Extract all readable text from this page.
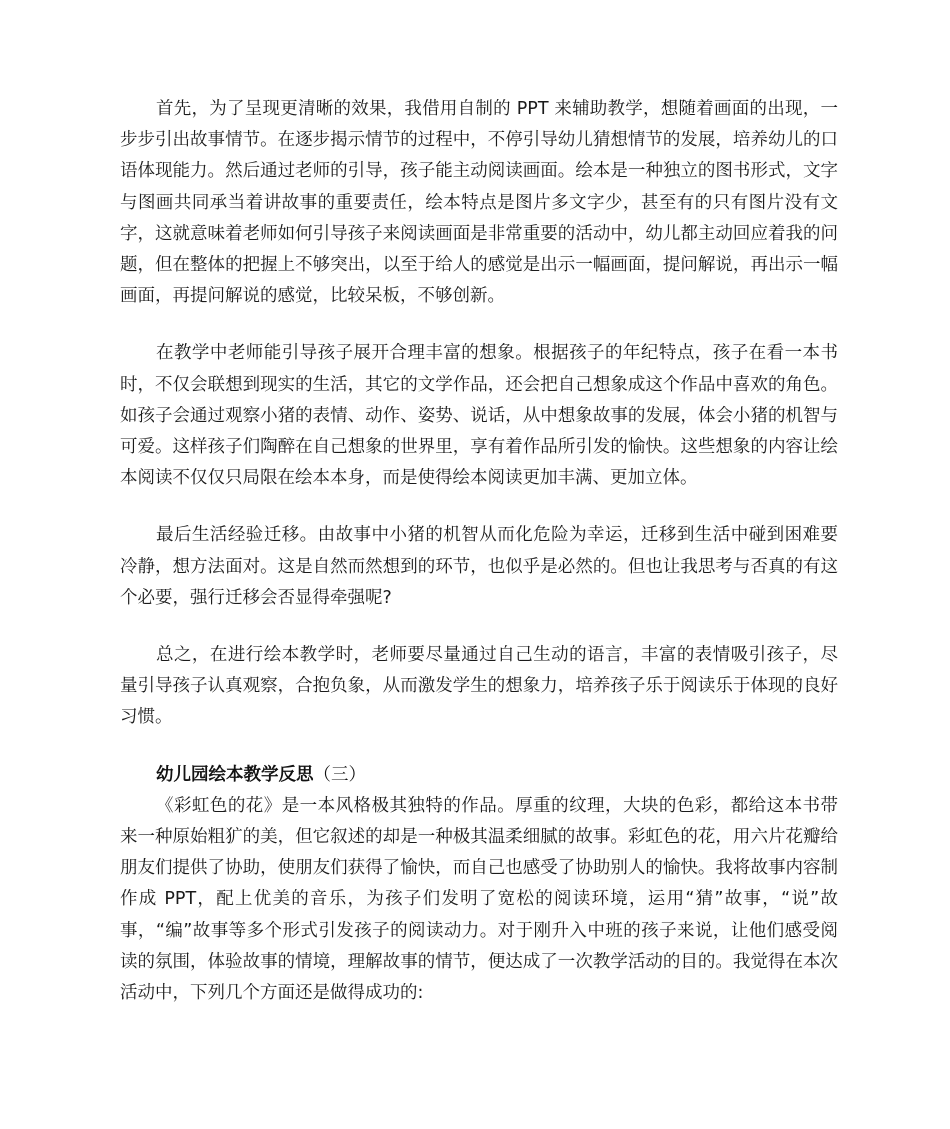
首先，为了呈现更清晰的效果，我借用自制的 PPT 来辅助教学，想随着画面的出现，一步步引出故事情节。在逐步揭示情节的过程中，不停引导幼儿猜想情节的发展，培养幼儿的口语体现能力。然后通过老师的引导，孩子能主动阅读画面。绘本是一种独立的图书形式，文字与图画共同承当着讲故事的重要责任，绘本特点是图片多文字少，甚至有的只有图片没有文字，这就意味着老师如何引导孩子来阅读画面是非常重要的活动中，幼儿都主动回应着我的问题，但在整体的把握上不够突出，以至于给人的感觉是出示一幅画面，提问解说，再出示一幅画面，再提问解说的感觉，比较呆板，不够创新。

在教学中老师能引导孩子展开合理丰富的想象。根据孩子的年纪特点，孩子在看一本书时，不仅会联想到现实的生活，其它的文学作品，还会把自己想象成这个作品中喜欢的角色。如孩子会通过观察小猪的表情、动作、姿势、说话，从中想象故事的发展，体会小猪的机智与可爱。这样孩子们陶醉在自己想象的世界里，享有着作品所引发的愉快。这些想象的内容让绘本阅读不仅仅只局限在绘本本身，而是使得绘本阅读更加丰满、更加立体。

最后生活经验迁移。由故事中小猪的机智从而化危险为幸运，迁移到生活中碰到困难要冷静，想方法面对。这是自然而然想到的环节，也似乎是必然的。但也让我思考与否真的有这个必要，强行迁移会否显得牵强呢?

总之，在进行绘本教学时，老师要尽量通过自己生动的语言，丰富的表情吸引孩子，尽量引导孩子认真观察，合抱负象，从而激发学生的想象力，培养孩子乐于阅读乐于体现的良好习惯。

幼儿园绘本教学反思（三）

《彩虹色的花》是一本风格极其独特的作品。厚重的纹理，大块的色彩，都给这本书带来一种原始粗犷的美，但它叙述的却是一种极其温柔细腻的故事。彩虹色的花，用六片花瓣给朋友们提供了协助，使朋友们获得了愉快，而自己也感受了协助别人的愉快。我将故事内容制作成 PPT，配上优美的音乐，为孩子们发明了宽松的阅读环境，运用“猜”故事，“说”故事，“编”故事等多个形式引发孩子的阅读动力。对于刚升入中班的孩子来说，让他们感受阅读的氛围，体验故事的情境，理解故事的情节，便达成了一次教学活动的目的。我觉得在本次活动中，下列几个方面还是做得成功的:
